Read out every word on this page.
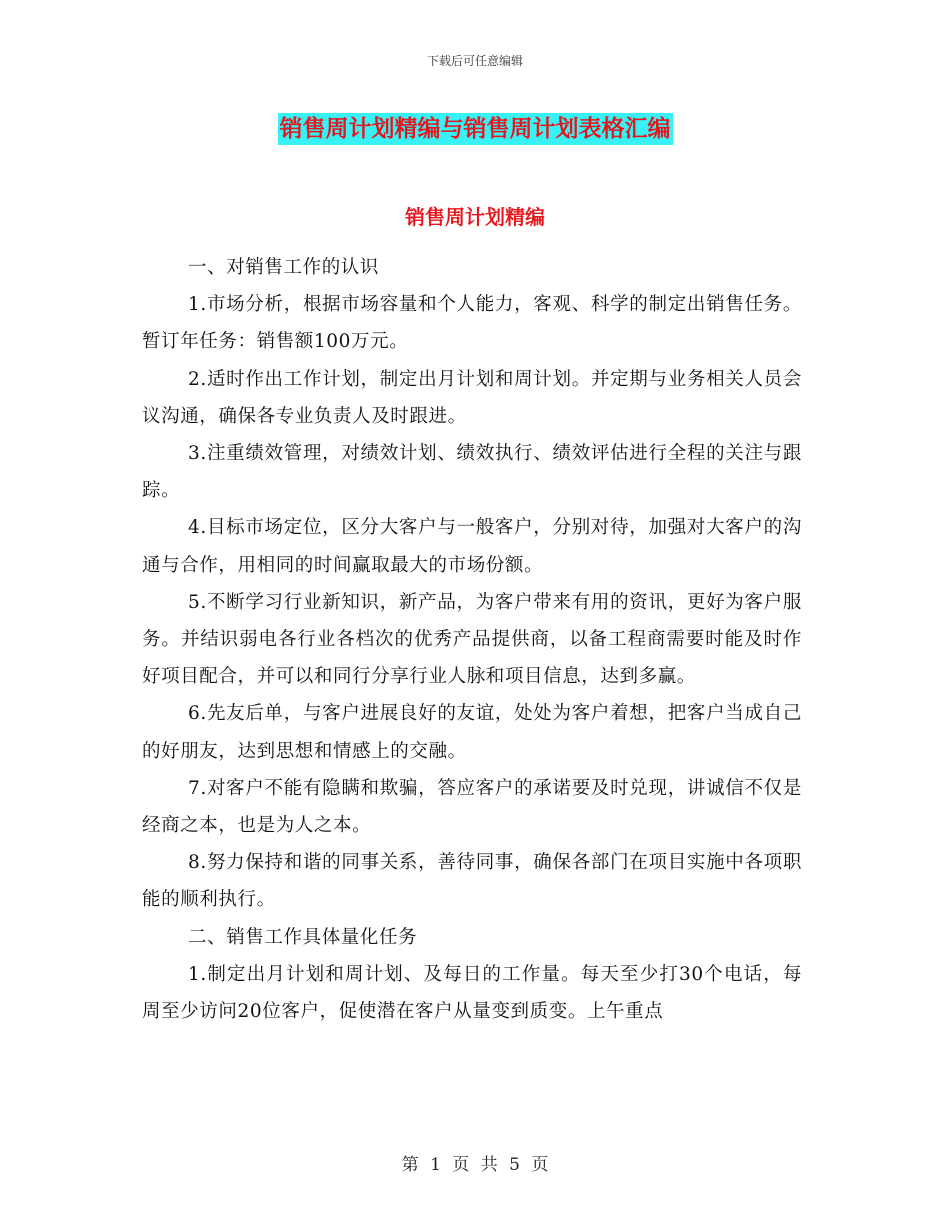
下载后可任意编辑
销售周计划精编与销售周计划表格汇编
销售周计划精编

一、对销售工作的认识

1.市场分析，根据市场容量和个人能力，客观、科学的制定出销售任务。暂订年任务：销售额100万元。

2.适时作出工作计划，制定出月计划和周计划。并定期与业务相关人员会议沟通，确保各专业负责人及时跟进。

3.注重绩效管理，对绩效计划、绩效执行、绩效评估进行全程的关注与跟踪。

4.目标市场定位，区分大客户与一般客户，分别对待，加强对大客户的沟通与合作，用相同的时间赢取最大的市场份额。

5.不断学习行业新知识，新产品，为客户带来有用的资讯，更好为客户服务。并结识弱电各行业各档次的优秀产品提供商，以备工程商需要时能及时作好项目配合，并可以和同行分享行业人脉和项目信息，达到多赢。

6.先友后单，与客户进展良好的友谊，处处为客户着想，把客户当成自己的好朋友，达到思想和情感上的交融。

7.对客户不能有隐瞒和欺骗，答应客户的承诺要及时兑现，讲诚信不仅是经商之本，也是为人之本。

8.努力保持和谐的同事关系，善待同事，确保各部门在项目实施中各项职能的顺利执行。

二、销售工作具体量化任务

1.制定出月计划和周计划、及每日的工作量。每天至少打30个电话，每周至少访问20位客户，促使潜在客户从量变到质变。上午重点

第 1 页 共 5 页
